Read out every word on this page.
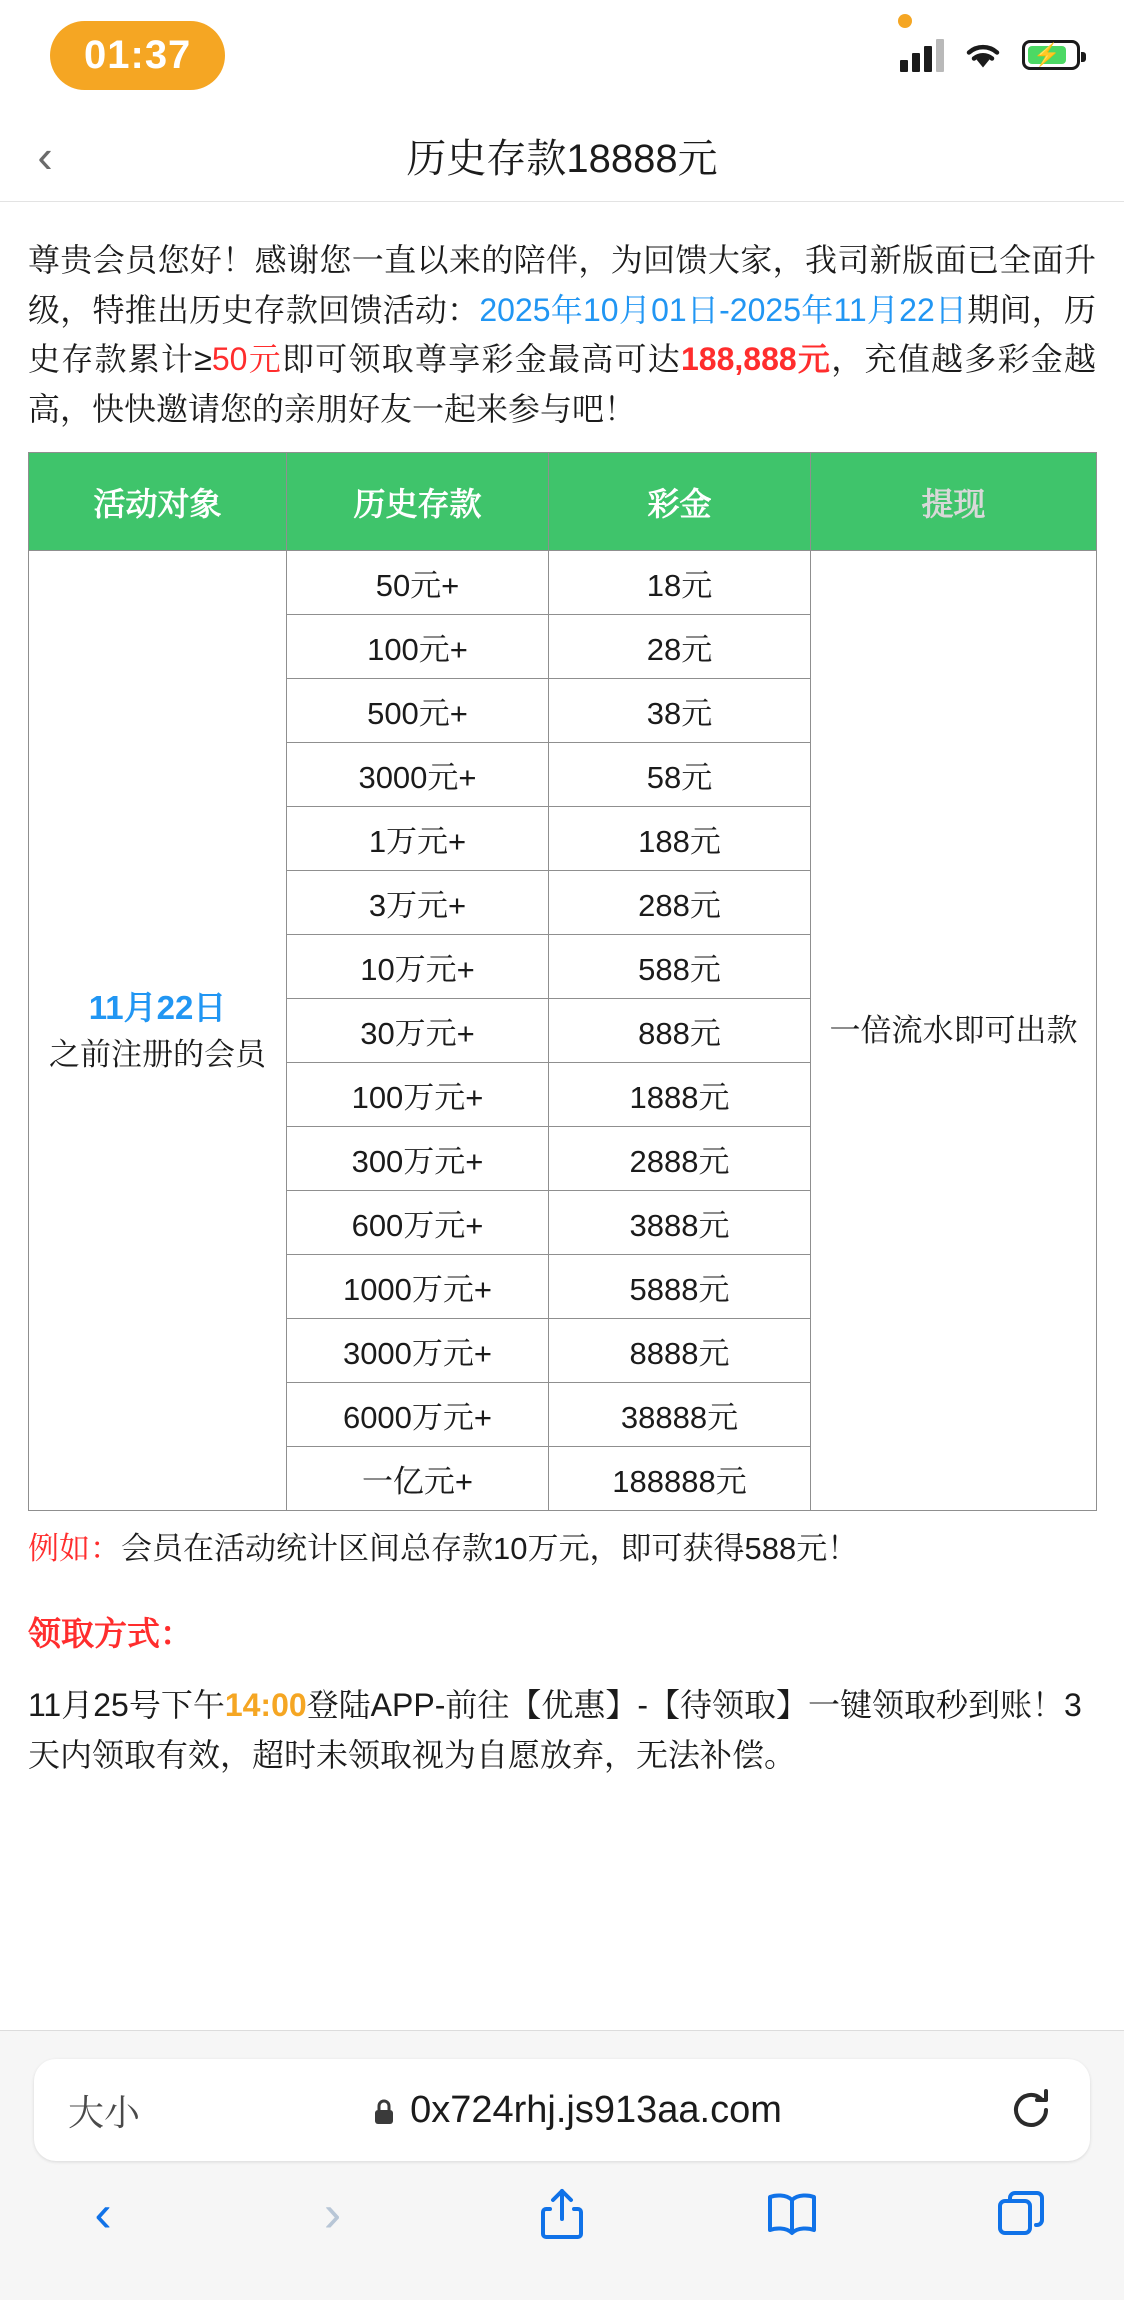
01:37	⚡
‹	历史存款18888元
尊贵会员您好！感谢您一直以来的陪伴，为回馈大家，我司新版面已全面升级，特推出历史存款回馈活动：2025年10月01日-2025年11月22日期间，历史存款累计≥50元即可领取尊享彩金最高可达188,888元，充值越多彩金越高，快快邀请您的亲朋好友一起来参与吧！
活动对象	历史存款	彩金	提现
11月22日
之前注册的会员	50元+	18元	一倍流水即可出款
	100元+	28元	
	500元+	38元	
	3000元+	58元	
	1万元+	188元	
	3万元+	288元	
	10万元+	588元	
	30万元+	888元	
	100万元+	1888元	
	300万元+	2888元	
	600万元+	3888元	
	1000万元+	5888元	
	3000万元+	8888元	
	6000万元+	38888元	
	一亿元+	188888元	
例如：会员在活动统计区间总存款10万元，即可获得588元！
领取方式：
11月25号下午14:00登陆APP-前往【优惠】-【待领取】一键领取秒到账！3天内领取有效，超时未领取视为自愿放弃，无法补偿。
大小	0x724rhj.js913aa.com
‹	›
